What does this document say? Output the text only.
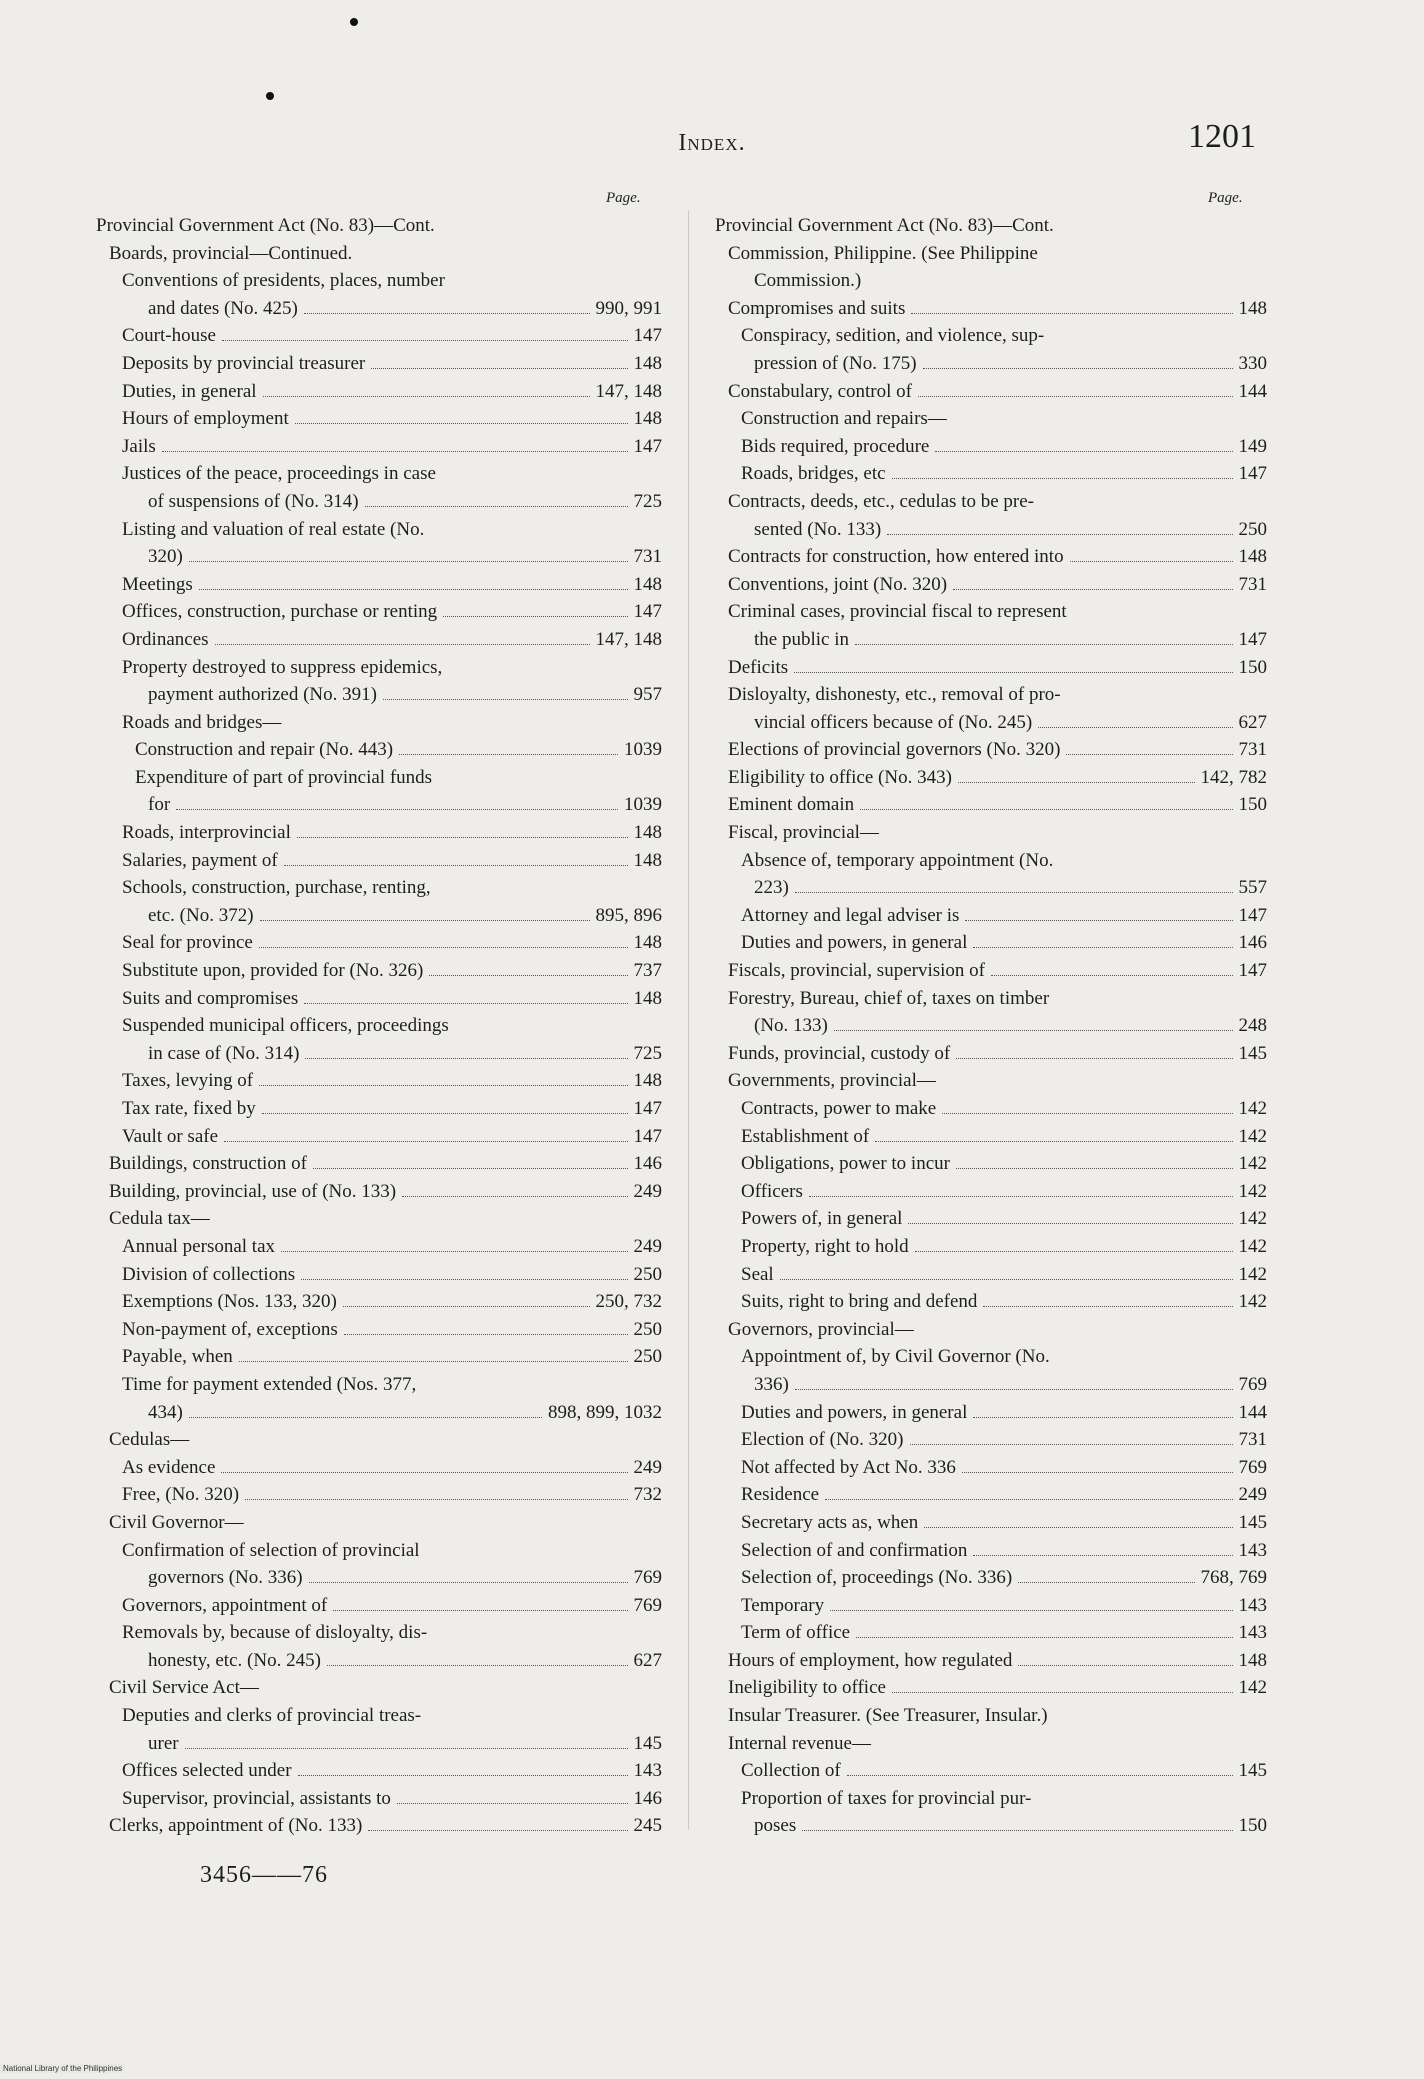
Index.	1201
Page.	Page.
Provincial Government Act (No. 83)—Cont.
Boards, provincial—Continued.
Conventions of presidents, places, number
and dates (No. 425)	990, 991
Court-house	147
Deposits by provincial treasurer	148
Duties, in general	147, 148
Hours of employment	148
Jails	147
Justices of the peace, proceedings in case
of suspensions of (No. 314)	725
Listing and valuation of real estate (No.
320)	731
Meetings	148
Offices, construction, purchase or renting	147
Ordinances	147, 148
Property destroyed to suppress epidemics,
payment authorized (No. 391)	957
Roads and bridges—
Construction and repair (No. 443)	1039
Expenditure of part of provincial funds
for	1039
Roads, interprovincial	148
Salaries, payment of	148
Schools, construction, purchase, renting,
etc. (No. 372)	895, 896
Seal for province	148
Substitute upon, provided for (No. 326)	737
Suits and compromises	148
Suspended municipal officers, proceedings
in case of (No. 314)	725
Taxes, levying of	148
Tax rate, fixed by	147
Vault or safe	147
Buildings, construction of	146
Building, provincial, use of (No. 133)	249
Cedula tax—
Annual personal tax	249
Division of collections	250
Exemptions (Nos. 133, 320)	250, 732
Non-payment of, exceptions	250
Payable, when	250
Time for payment extended (Nos. 377,
434)	898, 899, 1032
Cedulas—
As evidence	249
Free, (No. 320)	732
Civil Governor—
Confirmation of selection of provincial
governors (No. 336)	769
Governors, appointment of	769
Removals by, because of disloyalty, dis-
honesty, etc. (No. 245)	627
Civil Service Act—
Deputies and clerks of provincial treas-
urer	145
Offices selected under	143
Supervisor, provincial, assistants to	146
Clerks, appointment of (No. 133)	245
Provincial Government Act (No. 83)—Cont.
Commission, Philippine. (See Philippine
Commission.)
Compromises and suits	148
Conspiracy, sedition, and violence, sup-
pression of (No. 175)	330
Constabulary, control of	144
Construction and repairs—
Bids required, procedure	149
Roads, bridges, etc	147
Contracts, deeds, etc., cedulas to be pre-
sented (No. 133)	250
Contracts for construction, how entered into	148
Conventions, joint (No. 320)	731
Criminal cases, provincial fiscal to represent
the public in	147
Deficits	150
Disloyalty, dishonesty, etc., removal of pro-
vincial officers because of (No. 245)	627
Elections of provincial governors (No. 320)	731
Eligibility to office (No. 343)	142, 782
Eminent domain	150
Fiscal, provincial—
Absence of, temporary appointment (No.
223)	557
Attorney and legal adviser is	147
Duties and powers, in general	146
Fiscals, provincial, supervision of	147
Forestry, Bureau, chief of, taxes on timber
(No. 133)	248
Funds, provincial, custody of	145
Governments, provincial—
Contracts, power to make	142
Establishment of	142
Obligations, power to incur	142
Officers	142
Powers of, in general	142
Property, right to hold	142
Seal	142
Suits, right to bring and defend	142
Governors, provincial—
Appointment of, by Civil Governor (No.
336)	769
Duties and powers, in general	144
Election of (No. 320)	731
Not affected by Act No. 336	769
Residence	249
Secretary acts as, when	145
Selection of and confirmation	143
Selection of, proceedings (No. 336)	768, 769
Temporary	143
Term of office	143
Hours of employment, how regulated	148
Ineligibility to office	142
Insular Treasurer. (See Treasurer, Insular.)
Internal revenue—
Collection of	145
Proportion of taxes for provincial pur-
poses	150
3456——76
National Library of the Philippines
